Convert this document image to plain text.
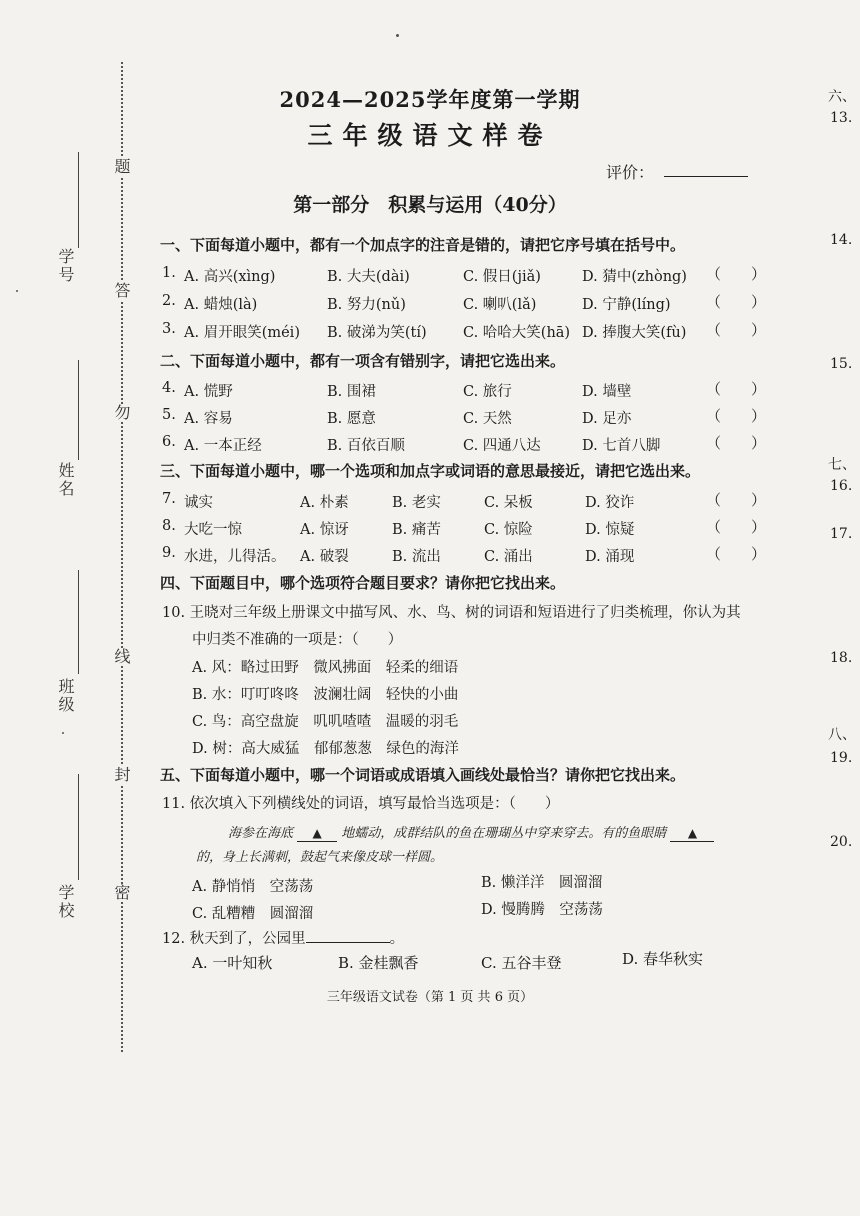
学号
姓名
班级
学校
题
答
勿
线
封
密
2024—2025学年度第一学期
三年级语文样卷
评价：
第一部分　积累与运用（40分）
一、下面每道小题中，都有一个加点字的注音是错的，请把它序号填在括号中。
1. A. 高兴(xìng)	B. 大夫(dài)	C. 假日(jiǎ)	D. 猜中(zhòng) （　　）
2. A. 蜡烛(là)	B. 努力(nǔ)	C. 喇叭(lǎ)	D. 宁静(líng) （　　）
3. A. 眉开眼笑(méi) B. 破涕为笑(tí)	C. 哈哈大笑(hā) D. 捧腹大笑(fù) （　　）
二、下面每道小题中，都有一项含有错别字，请把它选出来。
4. A. 慌野	B. 围裙	C. 旅行	D. 墙壁	（　　）
5. A. 容易	B. 愿意	C. 天然	D. 足亦	（　　）
6. A. 一本正经	B. 百依百顺	C. 四通八达	D. 七首八脚	（　　）
三、下面每道小题中，哪一个选项和加点字或词语的意思最接近，请把它选出来。
7. 诚实	A. 朴素	B. 老实	C. 呆板	D. 狡诈	（　　）
8. 大吃一惊	A. 惊讶	B. 痛苦	C. 惊险	D. 惊疑	（　　）
9. 水进，儿得活。 A. 破裂	B. 流出	C. 涌出	D. 涌现	（　　）
四、下面题目中，哪个选项符合题目要求？请你把它找出来。
10. 王晓对三年级上册课文中描写风、水、鸟、树的词语和短语进行了归类梳理，你认为其
中归类不准确的一项是：（　　）
A. 风：略过田野　微风拂面　轻柔的细语
B. 水：叮叮咚咚　波澜壮阔　轻快的小曲
C. 鸟：高空盘旋　叽叽喳喳　温暖的羽毛
D. 树：高大威猛　郁郁葱葱　绿色的海洋
五、下面每道小题中，哪一个词语或成语填入画线处最恰当？请你把它找出来。
11. 依次填入下列横线处的词语，填写最恰当选项是：（　　）
海参在海底 ▲ 地蠕动，成群结队的鱼在珊瑚丛中穿来穿去。有的鱼眼睛 ▲
的，身上长满刺，鼓起气来像皮球一样圆。
A. 静悄悄　空荡荡	B. 懒洋洋　圆溜溜
C. 乱糟糟　圆溜溜	D. 慢腾腾　空荡荡
12. 秋天到了，公园里	。
A. 一叶知秋	B. 金桂飘香	C. 五谷丰登	D. 春华秋实
三年级语文试卷（第 1 页 共 6 页）
六、
13.
14.
15.
七、
16.
17.
18.
八、
19.
20.
